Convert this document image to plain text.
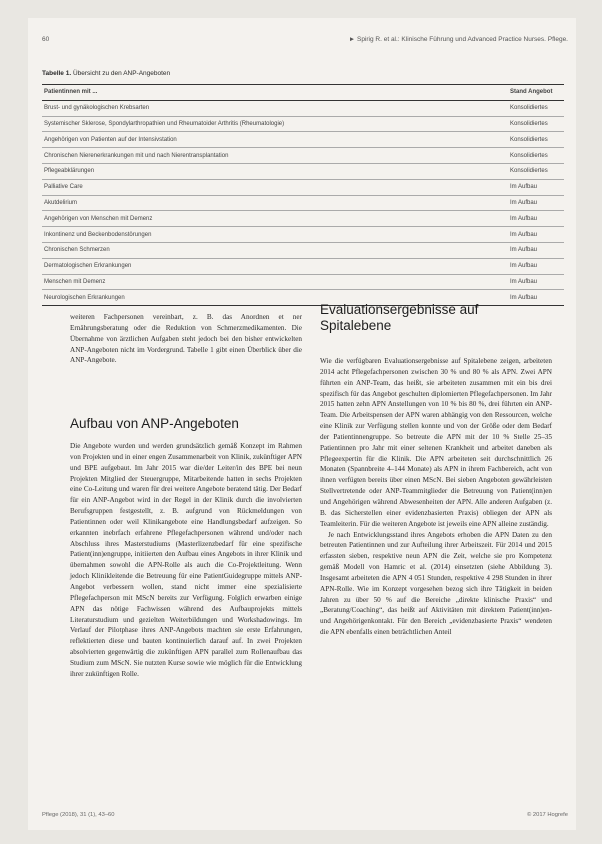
60	► Spirig R. et al.: Klinische Führung und Advanced Practice Nurses. Pflege.
Tabelle 1. Übersicht zu den ANP-Angeboten
Patientinnen mit ...	Stand Angebot
Brust- und gynäkologischen Krebsarten	Konsolidiertes
Systemischer Sklerose, Spondylarthropathien und Rheumatoider Arthritis (Rheumatologie)	Konsolidiertes
Angehörigen von Patienten auf der Intensivstation	Konsolidiertes
Chronischen Nierenerkrankungen mit und nach Nierentransplantation	Konsolidiertes
Pflegeabklärungen	Konsolidiertes
Palliative Care	Im Aufbau
Akutdelirium	Im Aufbau
Angehörigen von Menschen mit Demenz	Im Aufbau
Inkontinenz und Beckenbodenstörungen	Im Aufbau
Chronischen Schmerzen	Im Aufbau
Dermatologischen Erkrankungen	Im Aufbau
Menschen mit Demenz	Im Aufbau
Neurologischen Erkrankungen	Im Aufbau

weiteren Fachpersonen vereinbart, z. B. das Anordnen et ner Ernährungsberatung oder die Reduktion von Schmerzmedikamenten. Die Übernahme von ärztlichen Aufgaben steht jedoch bei den bisher entwickelten ANP-Angeboten nicht im Vordergrund. Tabelle 1 gibt einen Überblick über die ANP-Angebote.

Aufbau von ANP-Angeboten

Die Angebote wurden und werden grundsätzlich gemäß Konzept im Rahmen von Projekten und in einer engen Zusammenarbeit von Klinik, zukünftiger APN und BPE aufgebaut. Im Jahr 2015 war die/der Leiter/in des BPE bei neun Projekten Mitglied der Steuergruppe, Mitarbeitende hatten in sechs Projekten eine Co-Leitung und waren für drei weitere Angebote beratend tätig. Der Bedarf für ein ANP-Angebot wird in der Regel in der Klinik durch die involvierten Berufsgruppen festgestellt, z. B. aufgrund von Rückmeldungen von Patientinnen oder weil Klinikangebote eine Handlungsbedarf aufzeigen. So erkannten inebrfach erfahrene Pflegefachpersonen während und/oder nach Abschluss ihres Masterstudiums (Masterlizenzbedarf für eine spezifische Patient(inn)engruppe, initiierten den Aufbau eines Angebots in ihrer Klinik und übernahmen sowohl die APN-Rolle als auch die Co-Projektleitung. Wenn jedoch Klinikleitende die Betreuung für eine PatientGuidegruppe mittels ANP-Angebot verbessern wollen, stand nicht immer eine spezialisierte Pflegefachperson mit MScN bereits zur Verfügung. Folglich erwarben einige APN das nötige Fachwissen während des Aufbauprojekts mittels Literaturstudium und gezielten Weiterbildungen und Workshadowings. Im Verlauf der Pilotphase ihres ANP-Angebots machten sie erste Erfahrungen, reflektierten diese und bauten kontinuierlich darauf auf. In zwei Projekten absolvierten gegenwärtig die zukünftigen APN parallel zum Rollenaufbau das Studium zum MScN. Sie nutzten Kurse sowie wie möglich für die Entwicklung ihrer zukünftigen Rolle.

Evaluationsergebnisse auf Spitalebene

Wie die verfügbaren Evaluationsergebnisse auf Spitalebene zeigen, arbeiteten 2014 acht Pflegefachpersonen zwischen 30 % und 80 % als APN. Zwei APN führten ein ANP-Team, das heißt, sie arbeiteten zusammen mit ein bis drei spezifisch für das Angebot geschulten diplomierten Pflegefachpersonen. Im Jahr 2015 hatten zehn APN Anstellungen von 10 % bis 80 %, drei führten ein ANP-Team. Die Arbeitspensen der APN waren abhängig von den Ressourcen, welche eine Klinik zur Verfügung stellen konnte und von der Größe oder dem Bedarf der Patientinnengruppe. So betreute die APN mit der 10 % Stelle 25–35 Patientinnen pro Jahr mit einer seltenen Krankheit und arbeitet daneben als Pflegeexpertin für die Klinik. Die APN arbeiteten seit durchschnittlich 26 Monaten (Spannbreite 4–144 Monate) als APN in ihrem Fachbereich, acht von ihnen verfügten bereits über einen MScN. Bei sieben Angeboten gewährleisten Stellvertretende oder ANP-Teammitglieder die Betreuung von Patient(inn)en und Angehörigen während Abwesenheiten der APN. Alle anderen Aufgaben (z. B. das Sicherstellen einer evidenzbasierten Praxis) obliegen der APN als Teamleiterin. Für die weiteren Angebote ist jeweils eine APN alleine zuständig.

Je nach Entwicklungsstand ihres Angebots erhoben die APN Daten zu den betreuten Patientinnen und zur Aufteilung ihrer Arbeitszeit. Für 2014 und 2015 erfassten sieben, respektive neun APN die Zeit, welche sie pro Kompetenz gemäß Modell von Hamric et al. (2014) einsetzten (siehe Abbildung 3). Insgesamt arbeiteten die APN 4 051 Stunden, respektive 4 298 Stunden in ihrer APN-Rolle. Wie im Konzept vorgesehen bezog sich ihre Tätigkeit in beiden Jahren zu über 50 % auf die Bereiche „direkte klinische Praxis“ und „Beratung/Coaching“, das heißt auf Aktivitäten mit direktem Patient(inn)en- und Angehörigenkontakt. Für den Bereich „evidenzbasierte Praxis“ wendeten die APN ebenfalls einen beträchtlichen Anteil

Pflege (2018), 31 (1), 43–60	© 2017 Hogrefe
